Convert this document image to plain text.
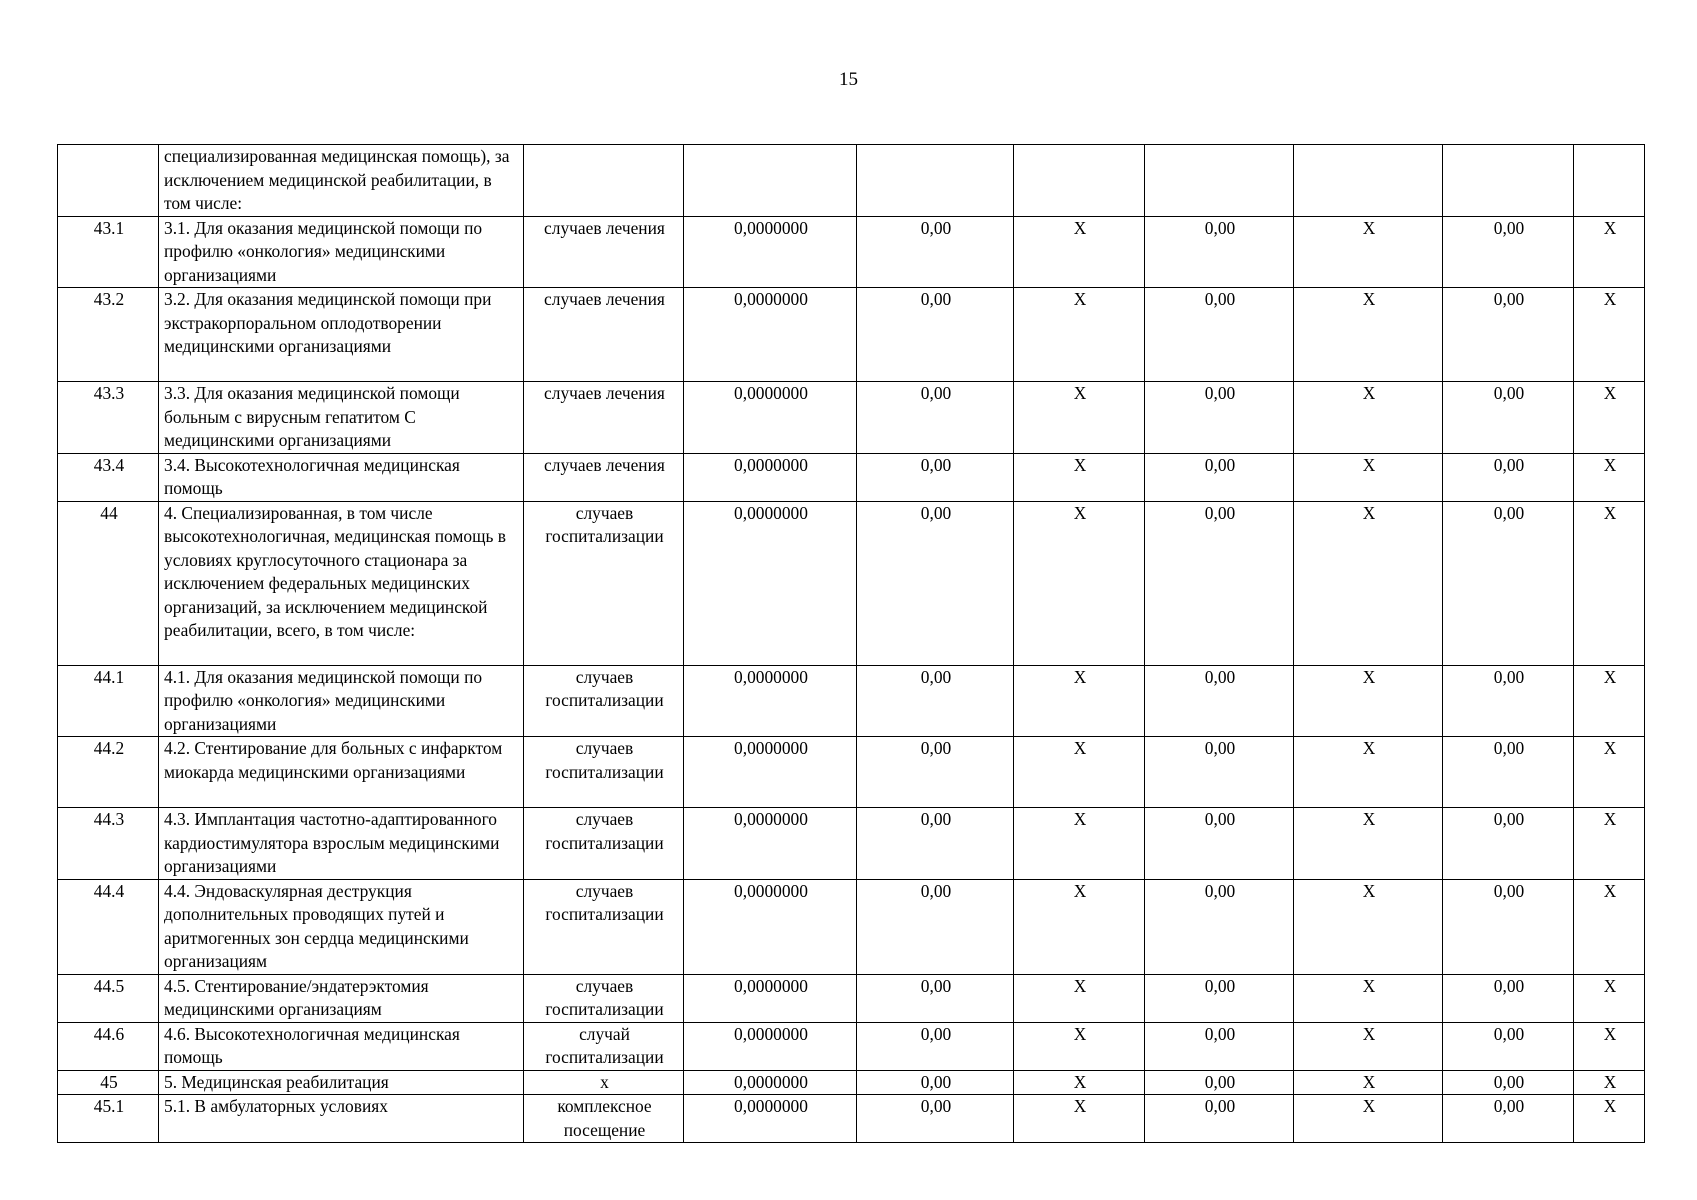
15
	специализированная медицинская помощь), за исключением медицинской реабилитации, в том числе:								
43.1	3.1. Для оказания медицинской помощи по профилю «онкология» медицинскими организациями	случаев лечения	0,0000000	0,00	X	0,00	X	0,00	X
43.2	3.2. Для оказания медицинской помощи при экстракорпоральном оплодотворении медицинскими организациями	случаев лечения	0,0000000	0,00	X	0,00	X	0,00	X
43.3	3.3. Для оказания медицинской помощи больным с вирусным гепатитом С медицинскими организациями	случаев лечения	0,0000000	0,00	X	0,00	X	0,00	X
43.4	3.4. Высокотехнологичная медицинская помощь	случаев лечения	0,0000000	0,00	X	0,00	X	0,00	X
44	4. Специализированная, в том числе высокотехнологичная, медицинская помощь в условиях круглосуточного стационара за исключением федеральных медицинских организаций, за исключением медицинской реабилитации, всего, в том числе:	случаев госпитализации	0,0000000	0,00	X	0,00	X	0,00	X
44.1	4.1. Для оказания медицинской помощи по профилю «онкология» медицинскими организациями	случаев госпитализации	0,0000000	0,00	X	0,00	X	0,00	X
44.2	4.2. Стентирование для больных с инфарктом миокарда медицинскими организациями	случаев госпитализации	0,0000000	0,00	X	0,00	X	0,00	X
44.3	4.3. Имплантация частотно-адаптированного кардиостимулятора взрослым медицинскими организациями	случаев госпитализации	0,0000000	0,00	X	0,00	X	0,00	X
44.4	4.4. Эндоваскулярная деструкция дополнительных проводящих путей и аритмогенных зон сердца медицинскими организациям	случаев госпитализации	0,0000000	0,00	X	0,00	X	0,00	X
44.5	4.5. Стентирование/эндатерэктомия медицинскими организациям	случаев госпитализации	0,0000000	0,00	X	0,00	X	0,00	X
44.6	4.6. Высокотехнологичная медицинская помощь	случай госпитализации	0,0000000	0,00	X	0,00	X	0,00	X
45	5. Медицинская реабилитация	х	0,0000000	0,00	X	0,00	X	0,00	X
45.1	5.1. В амбулаторных условиях	комплексное посещение	0,0000000	0,00	X	0,00	X	0,00	X
